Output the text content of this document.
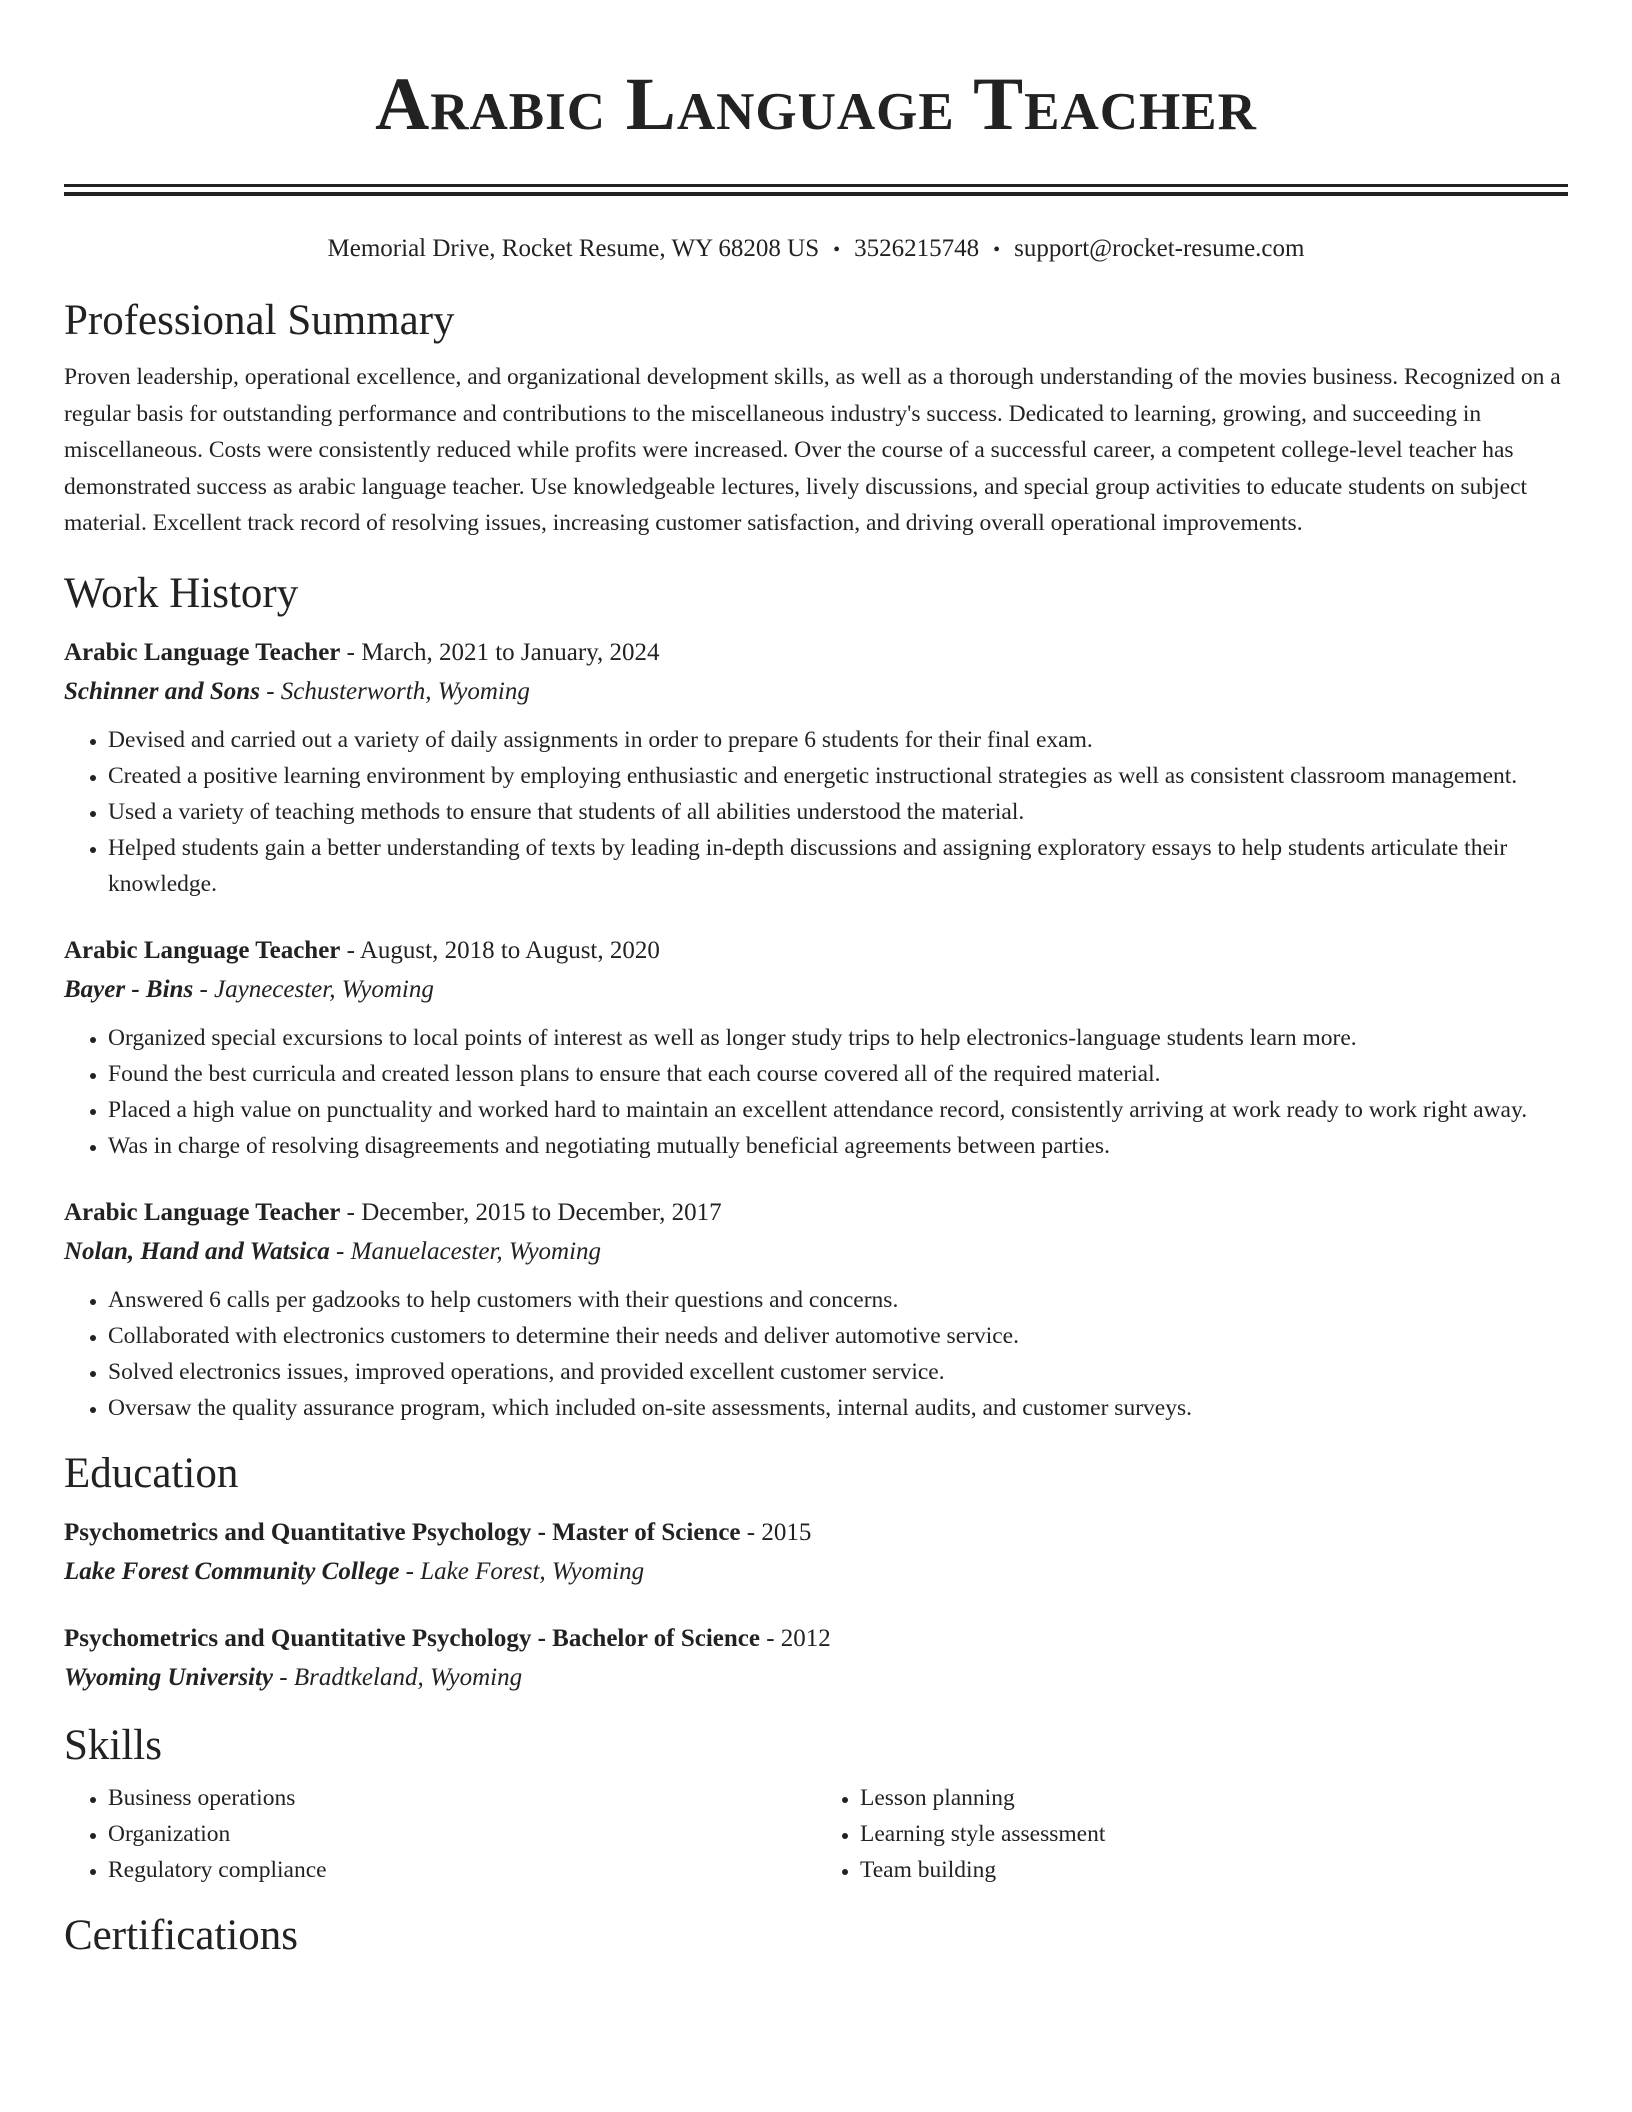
Arabic Language Teacher
Memorial Drive, Rocket Resume, WY 68208 US • 3526215748 • support@rocket-resume.com
Professional Summary
Proven leadership, operational excellence, and organizational development skills, as well as a thorough understanding of the movies business. Recognized on a regular basis for outstanding performance and contributions to the miscellaneous industry's success. Dedicated to learning, growing, and succeeding in miscellaneous. Costs were consistently reduced while profits were increased. Over the course of a successful career, a competent college-level teacher has demonstrated success as arabic language teacher. Use knowledgeable lectures, lively discussions, and special group activities to educate students on subject material. Excellent track record of resolving issues, increasing customer satisfaction, and driving overall operational improvements.
Work History
Arabic Language Teacher - March, 2021 to January, 2024
Schinner and Sons - Schusterworth, Wyoming
• Devised and carried out a variety of daily assignments in order to prepare 6 students for their final exam.
• Created a positive learning environment by employing enthusiastic and energetic instructional strategies as well as consistent classroom management.
• Used a variety of teaching methods to ensure that students of all abilities understood the material.
• Helped students gain a better understanding of texts by leading in-depth discussions and assigning exploratory essays to help students articulate their knowledge.
Arabic Language Teacher - August, 2018 to August, 2020
Bayer - Bins - Jaynecester, Wyoming
• Organized special excursions to local points of interest as well as longer study trips to help electronics-language students learn more.
• Found the best curricula and created lesson plans to ensure that each course covered all of the required material.
• Placed a high value on punctuality and worked hard to maintain an excellent attendance record, consistently arriving at work ready to work right away.
• Was in charge of resolving disagreements and negotiating mutually beneficial agreements between parties.
Arabic Language Teacher - December, 2015 to December, 2017
Nolan, Hand and Watsica - Manuelacester, Wyoming
• Answered 6 calls per gadzooks to help customers with their questions and concerns.
• Collaborated with electronics customers to determine their needs and deliver automotive service.
• Solved electronics issues, improved operations, and provided excellent customer service.
• Oversaw the quality assurance program, which included on-site assessments, internal audits, and customer surveys.
Education
Psychometrics and Quantitative Psychology - Master of Science - 2015
Lake Forest Community College - Lake Forest, Wyoming
Psychometrics and Quantitative Psychology - Bachelor of Science - 2012
Wyoming University - Bradtkeland, Wyoming
Skills
• Business operations
• Organization
• Regulatory compliance
• Lesson planning
• Learning style assessment
• Team building
Certifications
